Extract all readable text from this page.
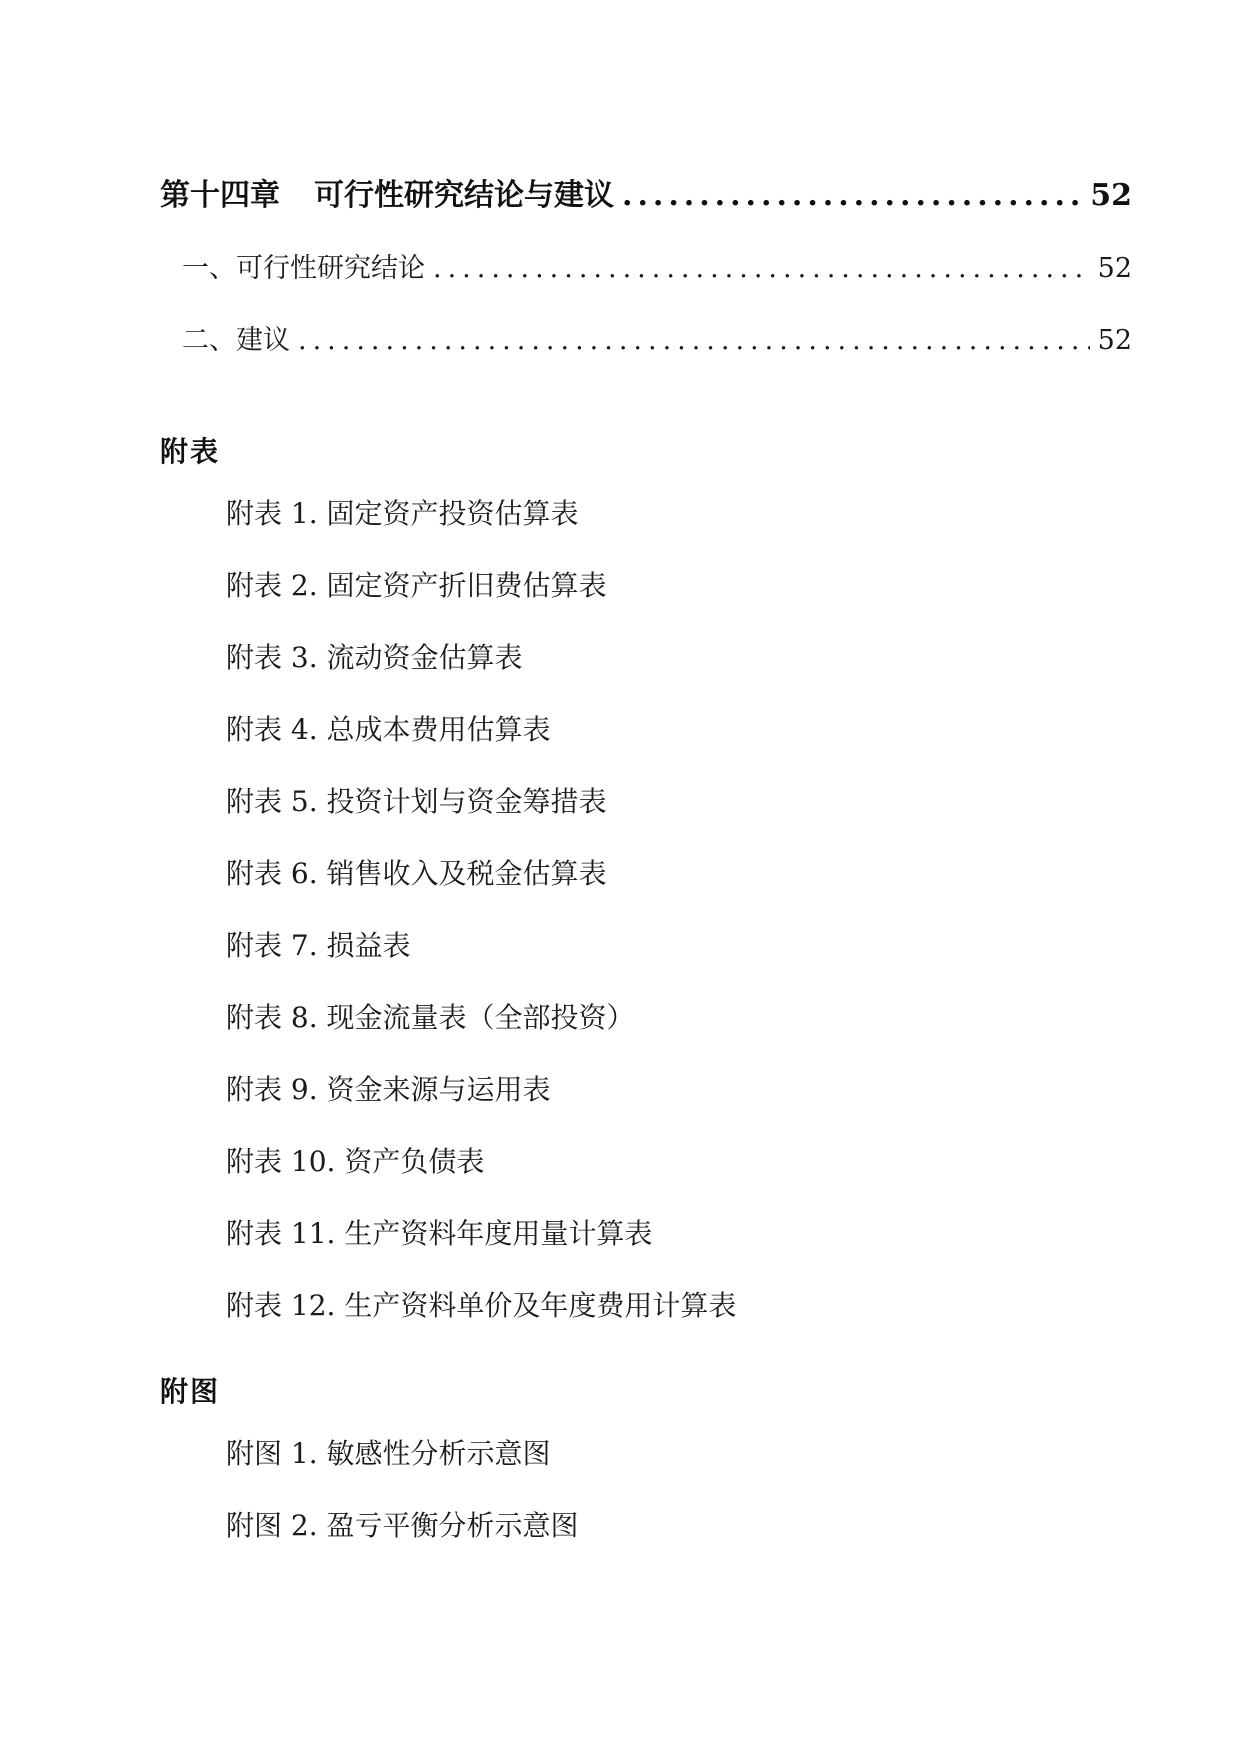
第十四章 可行性研究结论与建议 .....	52
一、可行性研究结论 .....	52
二、建议 .....	52
附表
附表 1. 固定资产投资估算表
附表 2. 固定资产折旧费估算表
附表 3. 流动资金估算表
附表 4. 总成本费用估算表
附表 5. 投资计划与资金筹措表
附表 6. 销售收入及税金估算表
附表 7. 损益表
附表 8. 现金流量表（全部投资）
附表 9. 资金来源与运用表
附表 10. 资产负债表
附表 11. 生产资料年度用量计算表
附表 12. 生产资料单价及年度费用计算表
附图
附图 1. 敏感性分析示意图
附图 2. 盈亏平衡分析示意图
